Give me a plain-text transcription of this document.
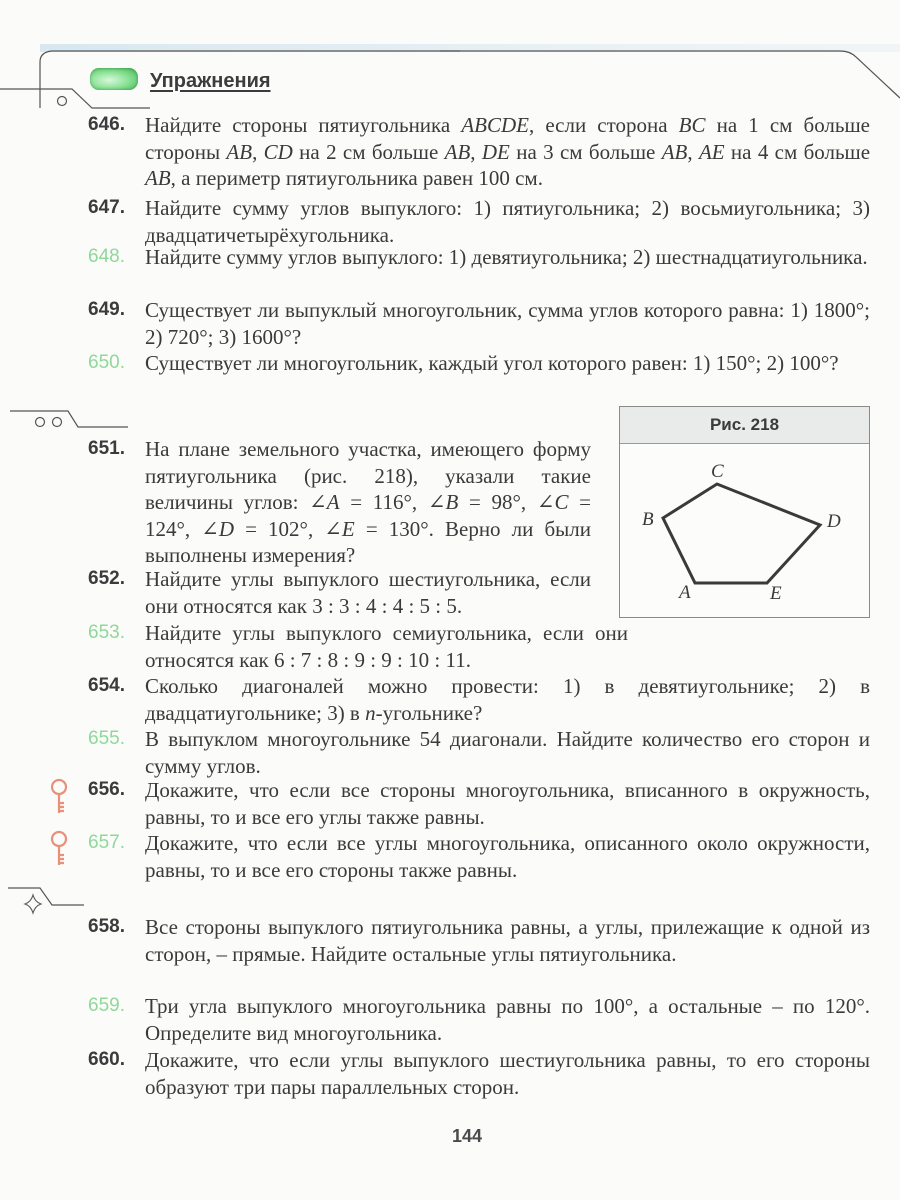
Упражнения
646. Найдите стороны пятиугольника ABCDE, если сторона BC на 1 см больше стороны AB, CD на 2 см больше AB, DE на 3 см больше AB, AE на 4 см больше AB, а периметр пятиугольника равен 100 см.
647. Найдите сумму углов выпуклого: 1) пятиугольника; 2) восьмиугольника; 3) двадцатичетырёхугольника.
648. Найдите сумму углов выпуклого: 1) девятиугольника; 2) шестнадцатиугольника.
649. Существует ли выпуклый многоугольник, сумма углов которого равна: 1) 1800°; 2) 720°; 3) 1600°?
650. Существует ли многоугольник, каждый угол которого равен: 1) 150°; 2) 100°?
651. На плане земельного участка, имеющего форму пятиугольника (рис. 218), указали такие величины углов: ∠A = 116°, ∠B = 98°, ∠C = 124°, ∠D = 102°, ∠E = 130°. Верно ли были выполнены измерения?
652. Найдите углы выпуклого шестиугольника, если они относятся как 3 : 3 : 4 : 4 : 5 : 5.
653. Найдите углы выпуклого семиугольника, если они относятся как 6 : 7 : 8 : 9 : 9 : 10 : 11.
654. Сколько диагоналей можно провести: 1) в девятиугольнике; 2) в двадцатиугольнике; 3) в n-угольнике?
655. В выпуклом многоугольнике 54 диагонали. Найдите количество его сторон и сумму углов.
656. Докажите, что если все стороны многоугольника, вписанного в окружность, равны, то и все его углы также равны.
657. Докажите, что если все углы многоугольника, описанного около окружности, равны, то и все его стороны также равны.
658. Все стороны выпуклого пятиугольника равны, а углы, прилежащие к одной из сторон, – прямые. Найдите остальные углы пятиугольника.
659. Три угла выпуклого многоугольника равны по 100°, а остальные – по 120°. Определите вид многоугольника.
660. Докажите, что если углы выпуклого шестиугольника равны, то его стороны образуют три пары параллельных сторон.
Рис. 218
A
B
C
D
E
144
